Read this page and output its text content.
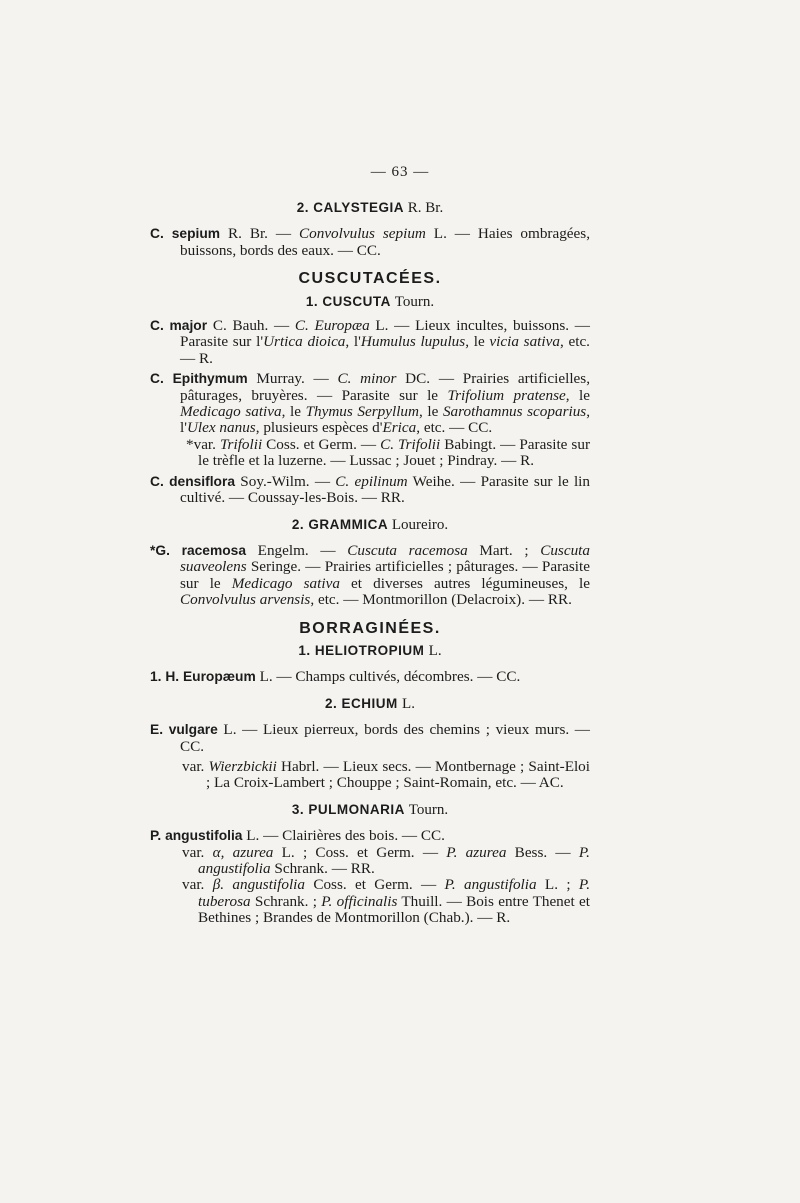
— 63 —

2. CALYSTEGIA R. Br.

C. sepium R. Br. — Convolvulus sepium L. — Haies ombragées, buissons, bords des eaux. — CC.

CUSCUTACÉES.

1. CUSCUTA Tourn.

C. major C. Bauh. — C. Europæa L. — Lieux incultes, buissons. — Parasite sur l'Urtica dioica, l'Humulus lupulus, le vicia sativa, etc. — R.

C. Epithymum Murray. — C. minor DC. — Prairies artificielles, pâturages, bruyères. — Parasite sur le Trifolium pratense, le Medicago sativa, le Thymus Serpyllum, le Sarothamnus scoparius, l'Ulex nanus, plusieurs espèces d'Erica, etc. — CC.

*var. Trifolii Coss. et Germ. — C. Trifolii Babingt. — Parasite sur le trèfle et la luzerne. — Lussac ; Jouet ; Pindray. — R.

C. densiflora Soy.-Wilm. — C. epilinum Weihe. — Parasite sur le lin cultivé. — Coussay-les-Bois. — RR.

2. GRAMMICA Loureiro.

*G. racemosa Engelm. — Cuscuta racemosa Mart. ; Cuscuta suaveolens Seringe. — Prairies artificielles ; pâturages. — Parasite sur le Medicago sativa et diverses autres légumineuses, le Convolvulus arvensis, etc. — Montmorillon (Delacroix). — RR.

BORRAGINÉES.

1. HELIOTROPIUM L.

1. H. Europæum L. — Champs cultivés, décombres. — CC.

2. ECHIUM L.

E. vulgare L. — Lieux pierreux, bords des chemins ; vieux murs. — CC.

var. Wierzbickii Habrl. — Lieux secs. — Montbernage ; Saint-Eloi ; La Croix-Lambert ; Chouppe ; Saint-Romain, etc. — AC.

3. PULMONARIA Tourn.

P. angustifolia L. — Clairières des bois. — CC.

var. α, azurea L. ; Coss. et Germ. — P. azurea Bess. — P. angustifolia Schrank. — RR.

var. β. angustifolia Coss. et Germ. — P. angustifolia L. ; P. tuberosa Schrank. ; P. officinalis Thuill. — Bois entre Thenet et Bethines ; Brandes de Montmorillon (Chab.). — R.
